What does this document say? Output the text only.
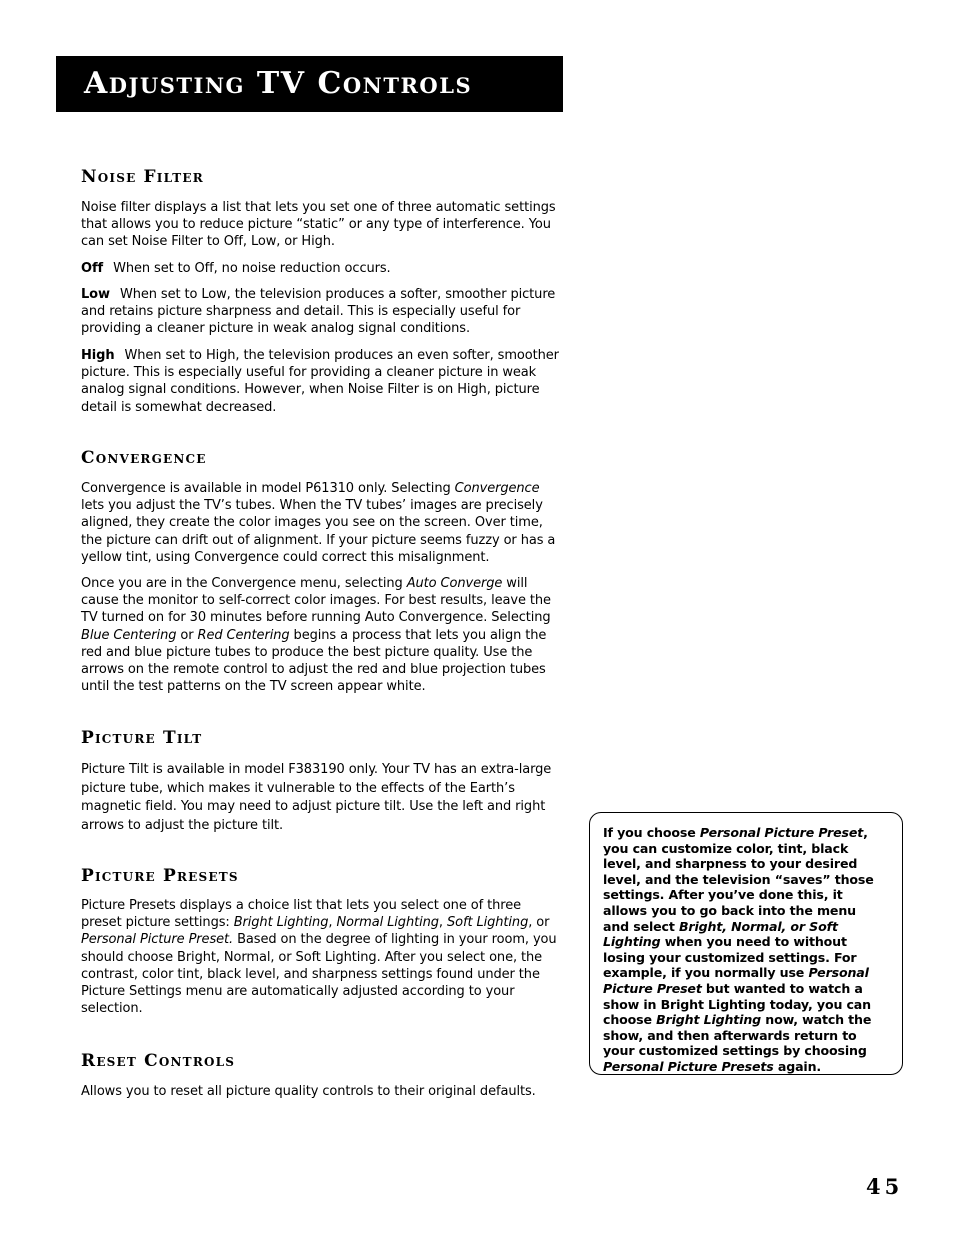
Adjusting TV Controls
Noise Filter

Noise filter displays a list that lets you set one of three automatic settings that allows you to reduce picture “static” or any type of interference. You can set Noise Filter to Off, Low, or High.

Off When set to Off, no noise reduction occurs.

Low When set to Low, the television produces a softer, smoother picture and retains picture sharpness and detail. This is especially useful for providing a cleaner picture in weak analog signal conditions.

High When set to High, the television produces an even softer, smoother picture. This is especially useful for providing a cleaner picture in weak analog signal conditions. However, when Noise Filter is on High, picture detail is somewhat decreased.

Convergence

Convergence is available in model P61310 only. Selecting Convergence lets you adjust the TV’s tubes. When the TV tubes’ images are precisely aligned, they create the color images you see on the screen. Over time, the picture can drift out of alignment. If your picture seems fuzzy or has a yellow tint, using Convergence could correct this misalignment.

Once you are in the Convergence menu, selecting Auto Converge will cause the monitor to self-correct color images. For best results, leave the TV turned on for 30 minutes before running Auto Convergence. Selecting Blue Centering or Red Centering begins a process that lets you align the red and blue picture tubes to produce the best picture quality. Use the arrows on the remote control to adjust the red and blue projection tubes until the test patterns on the TV screen appear white.

Picture Tilt

Picture Tilt is available in model F383190 only. Your TV has an extra-large picture tube, which makes it vulnerable to the effects of the Earth’s magnetic field. You may need to adjust picture tilt. Use the left and right arrows to adjust the picture tilt.

Picture Presets

Picture Presets displays a choice list that lets you select one of three preset picture settings: Bright Lighting, Normal Lighting, Soft Lighting, or Personal Picture Preset. Based on the degree of lighting in your room, you should choose Bright, Normal, or Soft Lighting. After you select one, the contrast, color tint, black level, and sharpness settings found under the Picture Settings menu are automatically adjusted according to your selection.

Reset Controls

Allows you to reset all picture quality controls to their original defaults.

If you choose Personal Picture Preset, you can customize color, tint, black level, and sharpness to your desired level, and the television “saves” those settings. After you’ve done this, it allows you to go back into the menu and select Bright, Normal, or Soft Lighting when you need to without losing your customized settings. For example, if you normally use Personal Picture Preset but wanted to watch a show in Bright Lighting today, you can choose Bright Lighting now, watch the show, and then afterwards return to your customized settings by choosing Personal Picture Presets again.

45
